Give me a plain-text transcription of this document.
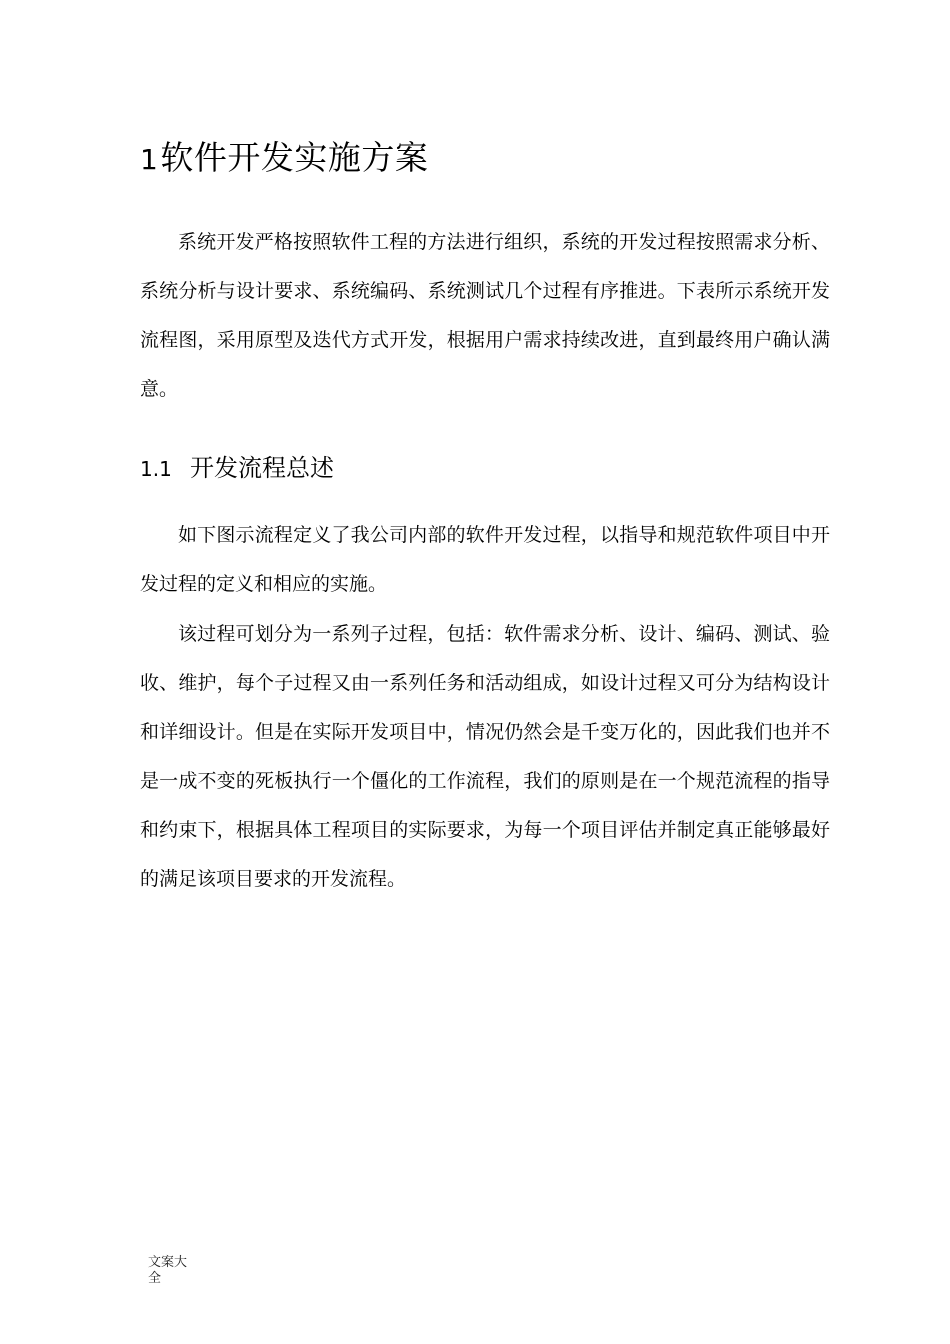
1软件开发实施方案

系统开发严格按照软件工程的方法进行组织，系统的开发过程按照需求分析、系统分析与设计要求、系统编码、系统测试几个过程有序推进。下表所示系统开发流程图，采用原型及迭代方式开发，根据用户需求持续改进，直到最终用户确认满意。

1.1 开发流程总述

如下图示流程定义了我公司内部的软件开发过程，以指导和规范软件项目中开发过程的定义和相应的实施。

该过程可划分为一系列子过程，包括：软件需求分析、设计、编码、测试、验收、维护，每个子过程又由一系列任务和活动组成，如设计过程又可分为结构设计和详细设计。但是在实际开发项目中，情况仍然会是千变万化的，因此我们也并不是一成不变的死板执行一个僵化的工作流程，我们的原则是在一个规范流程的指导和约束下，根据具体工程项目的实际要求，为每一个项目评估并制定真正能够最好的满足该项目要求的开发流程。

文案大
全
